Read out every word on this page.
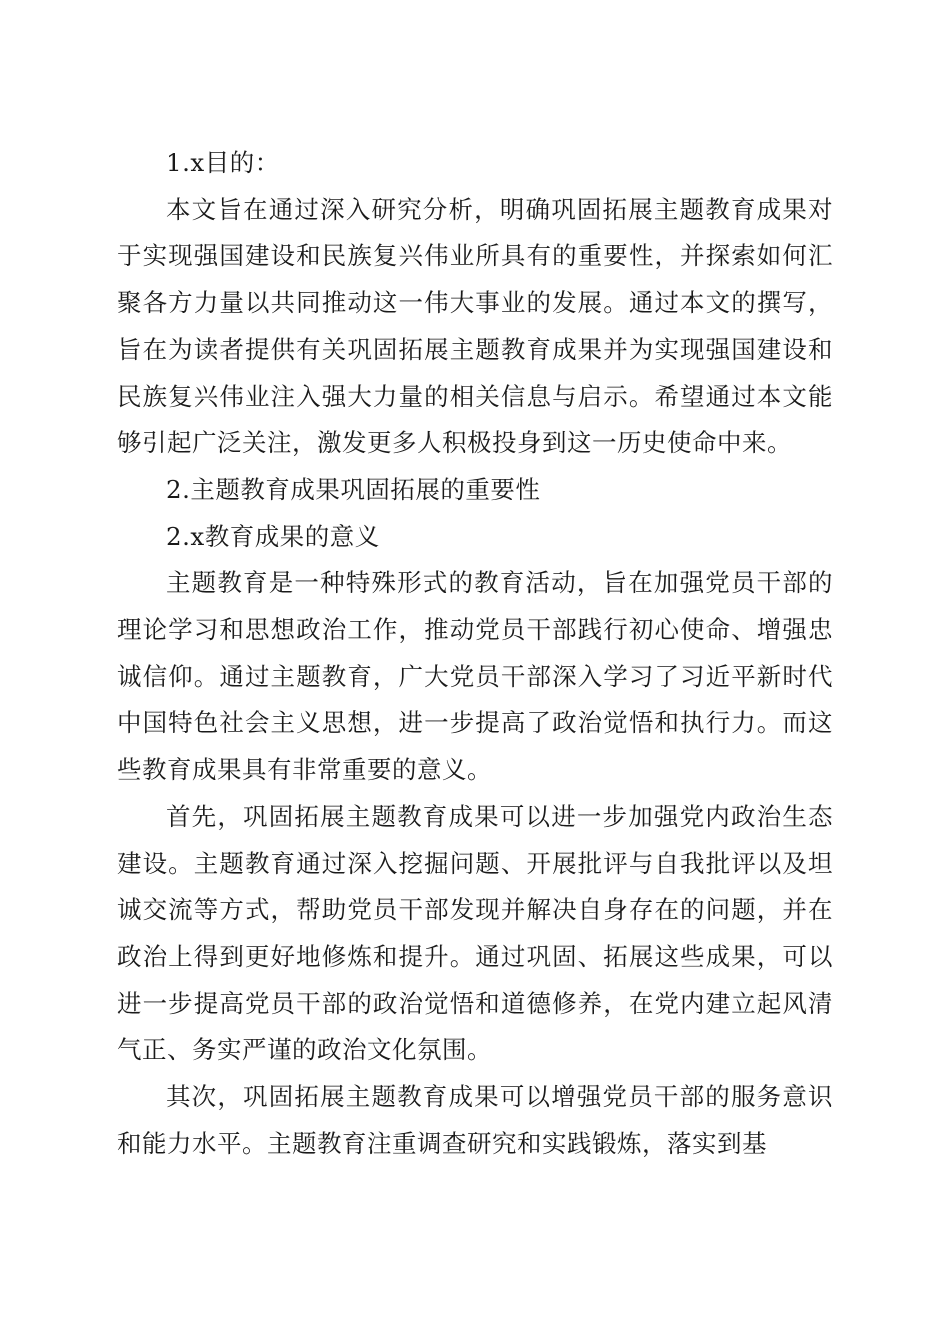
1.x目的：

本文旨在通过深入研究分析，明确巩固拓展主题教育成果对于实现强国建设和民族复兴伟业所具有的重要性，并探索如何汇聚各方力量以共同推动这一伟大事业的发展。通过本文的撰写，旨在为读者提供有关巩固拓展主题教育成果并为实现强国建设和民族复兴伟业注入强大力量的相关信息与启示。希望通过本文能够引起广泛关注，激发更多人积极投身到这一历史使命中来。

2.主题教育成果巩固拓展的重要性

2.x教育成果的意义

主题教育是一种特殊形式的教育活动，旨在加强党员干部的理论学习和思想政治工作，推动党员干部践行初心使命、增强忠诚信仰。通过主题教育，广大党员干部深入学习了习近平新时代中国特色社会主义思想，进一步提高了政治觉悟和执行力。而这些教育成果具有非常重要的意义。

首先，巩固拓展主题教育成果可以进一步加强党内政治生态建设。主题教育通过深入挖掘问题、开展批评与自我批评以及坦诚交流等方式，帮助党员干部发现并解决自身存在的问题，并在政治上得到更好地修炼和提升。通过巩固、拓展这些成果，可以进一步提高党员干部的政治觉悟和道德修养，在党内建立起风清气正、务实严谨的政治文化氛围。

其次，巩固拓展主题教育成果可以增强党员干部的服务意识和能力水平。主题教育注重调查研究和实践锻炼，落实到基
